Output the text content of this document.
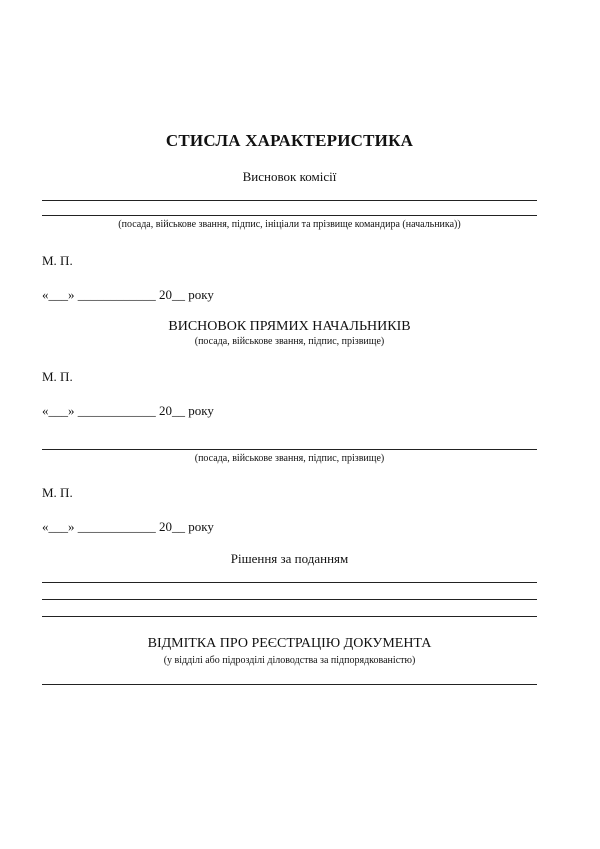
СТИСЛА ХАРАКТЕРИСТИКА
Висновок комісії
(посада, військове звання, підпис, ініціали та прізвище командира (начальника))
М. П.
«___» ____________ 20__ року
ВИСНОВОК ПРЯМИХ НАЧАЛЬНИКІВ
(посада, військове звання, підпис, прізвище)
М. П.
«___» ____________ 20__ року
(посада, військове звання, підпис, прізвище)
М. П.
«___» ____________ 20__ року
Рішення за поданням
ВІДМІТКА ПРО РЕЄСТРАЦІЮ ДОКУМЕНТА
(у відділі або підрозділі діловодства за підпорядкованістю)
